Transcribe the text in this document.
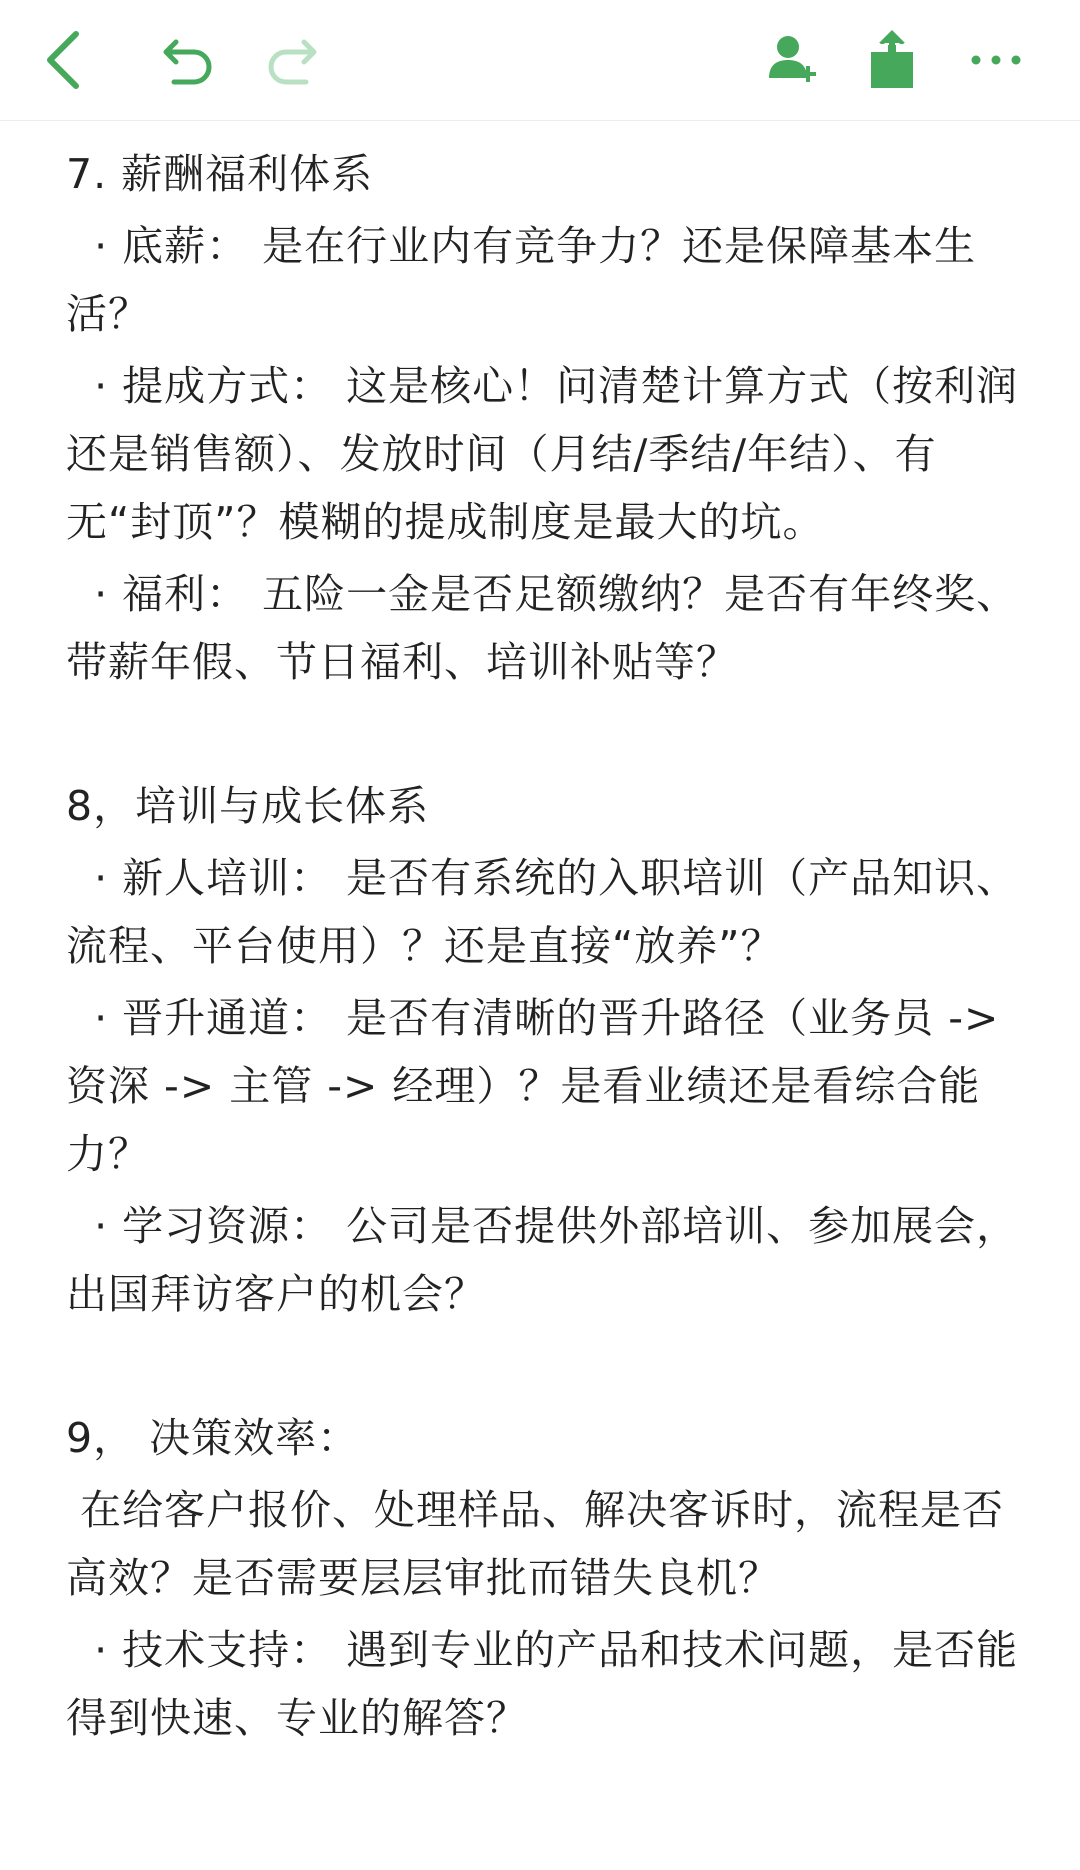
7. 薪酬福利体系

· 底薪： 是在行业内有竞争力？还是保障基本生活？

· 提成方式： 这是核心！问清楚计算方式（按利润还是销售额）、发放时间（月结/季结/年结）、有无“封顶”？模糊的提成制度是最大的坑。

· 福利： 五险一金是否足额缴纳？是否有年终奖、带薪年假、节日福利、培训补贴等？

8，培训与成长体系

· 新人培训： 是否有系统的入职培训（产品知识、流程、平台使用）？还是直接“放养”？

· 晋升通道： 是否有清晰的晋升路径（业务员 -> 资深 -> 主管 -> 经理）？是看业绩还是看综合能力？

· 学习资源： 公司是否提供外部培训、参加展会，出国拜访客户的机会？

9， 决策效率：

在给客户报价、处理样品、解决客诉时，流程是否高效？是否需要层层审批而错失良机？

· 技术支持： 遇到专业的产品和技术问题，是否能得到快速、专业的解答？
